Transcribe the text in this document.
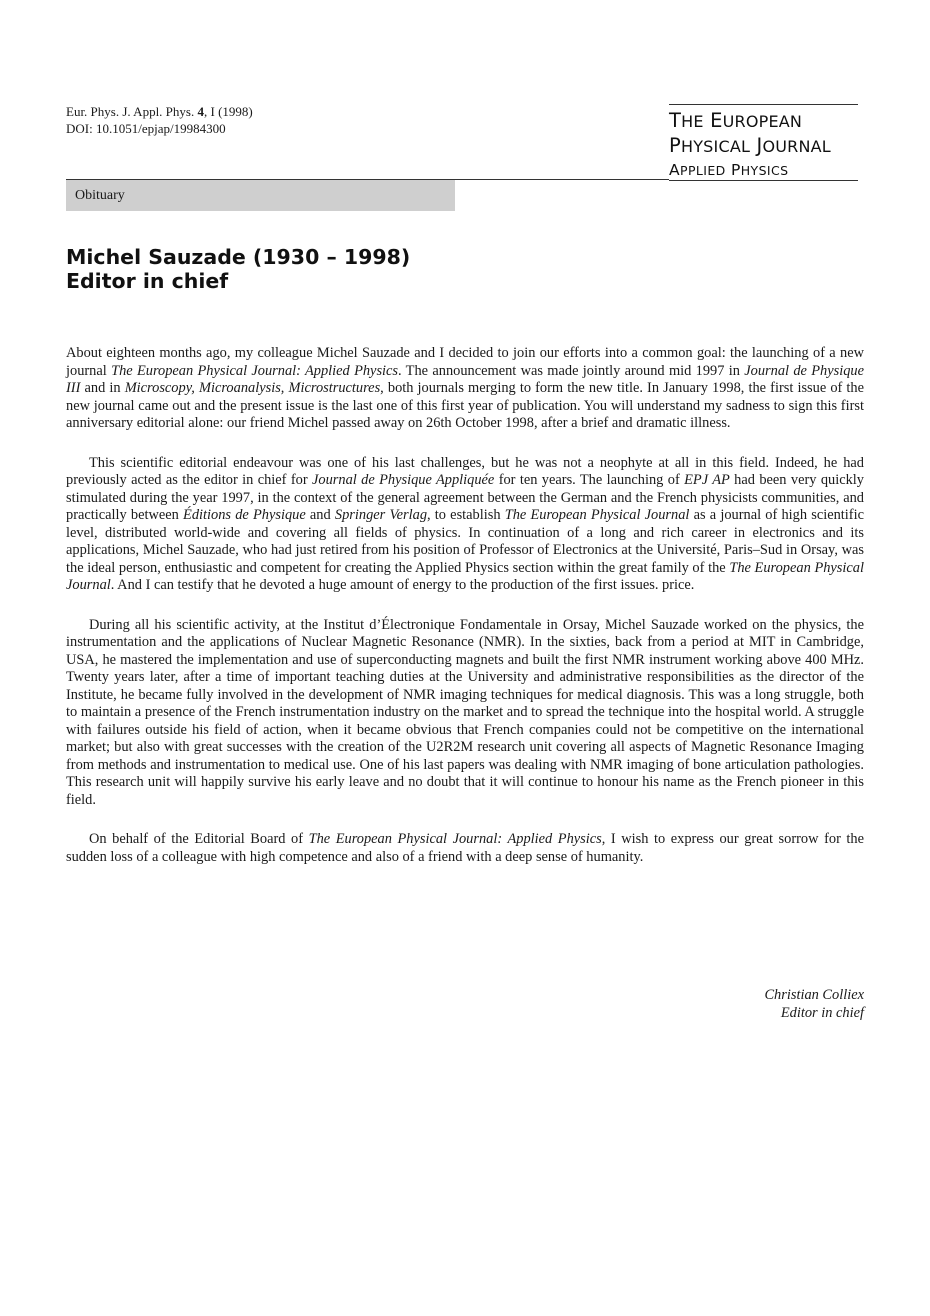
Eur. Phys. J. Appl. Phys. 4, I (1998)
DOI: 10.1051/epjap/19984300	THE EUROPEAN
PHYSICAL JOURNAL
APPLIED PHYSICS
Obituary
Michel Sauzade (1930 – 1998)
Editor in chief

About eighteen months ago, my colleague Michel Sauzade and I decided to join our efforts into a common goal: the launching of a new journal The European Physical Journal: Applied Physics. The announcement was made jointly around mid 1997 in Journal de Physique III and in Microscopy, Microanalysis, Microstructures, both journals merging to form the new title. In January 1998, the first issue of the new journal came out and the present issue is the last one of this first year of publication. You will understand my sadness to sign this first anniversary editorial alone: our friend Michel passed away on 26th October 1998, after a brief and dramatic illness.

This scientific editorial endeavour was one of his last challenges, but he was not a neophyte at all in this field. Indeed, he had previously acted as the editor in chief for Journal de Physique Appliquée for ten years. The launching of EPJ AP had been very quickly stimulated during the year 1997, in the context of the general agreement between the German and the French physicists communities, and practically between Éditions de Physique and Springer Verlag, to establish The European Physical Journal as a journal of high scientific level, distributed world-wide and covering all fields of physics. In continuation of a long and rich career in electronics and its applications, Michel Sauzade, who had just retired from his position of Professor of Electronics at the Université, Paris–Sud in Orsay, was the ideal person, enthusiastic and competent for creating the Applied Physics section within the great family of the The European Physical Journal. And I can testify that he devoted a huge amount of energy to the production of the first issues. price.

During all his scientific activity, at the Institut d’Électronique Fondamentale in Orsay, Michel Sauzade worked on the physics, the instrumentation and the applications of Nuclear Magnetic Resonance (NMR). In the sixties, back from a period at MIT in Cambridge, USA, he mastered the implementation and use of superconducting magnets and built the first NMR instrument working above 400 MHz. Twenty years later, after a time of important teaching duties at the University and administrative responsibilities as the director of the Institute, he became fully involved in the development of NMR imaging techniques for medical diagnosis. This was a long struggle, both to maintain a presence of the French instrumentation industry on the market and to spread the technique into the hospital world. A struggle with failures outside his field of action, when it became obvious that French companies could not be competitive on the international market; but also with great successes with the creation of the U2R2M research unit covering all aspects of Magnetic Resonance Imaging from methods and instrumentation to medical use. One of his last papers was dealing with NMR imaging of bone articulation pathologies. This research unit will happily survive his early leave and no doubt that it will continue to honour his name as the French pioneer in this field.

On behalf of the Editorial Board of The European Physical Journal: Applied Physics, I wish to express our great sorrow for the sudden loss of a colleague with high competence and also of a friend with a deep sense of humanity.

Christian Colliex
Editor in chief
